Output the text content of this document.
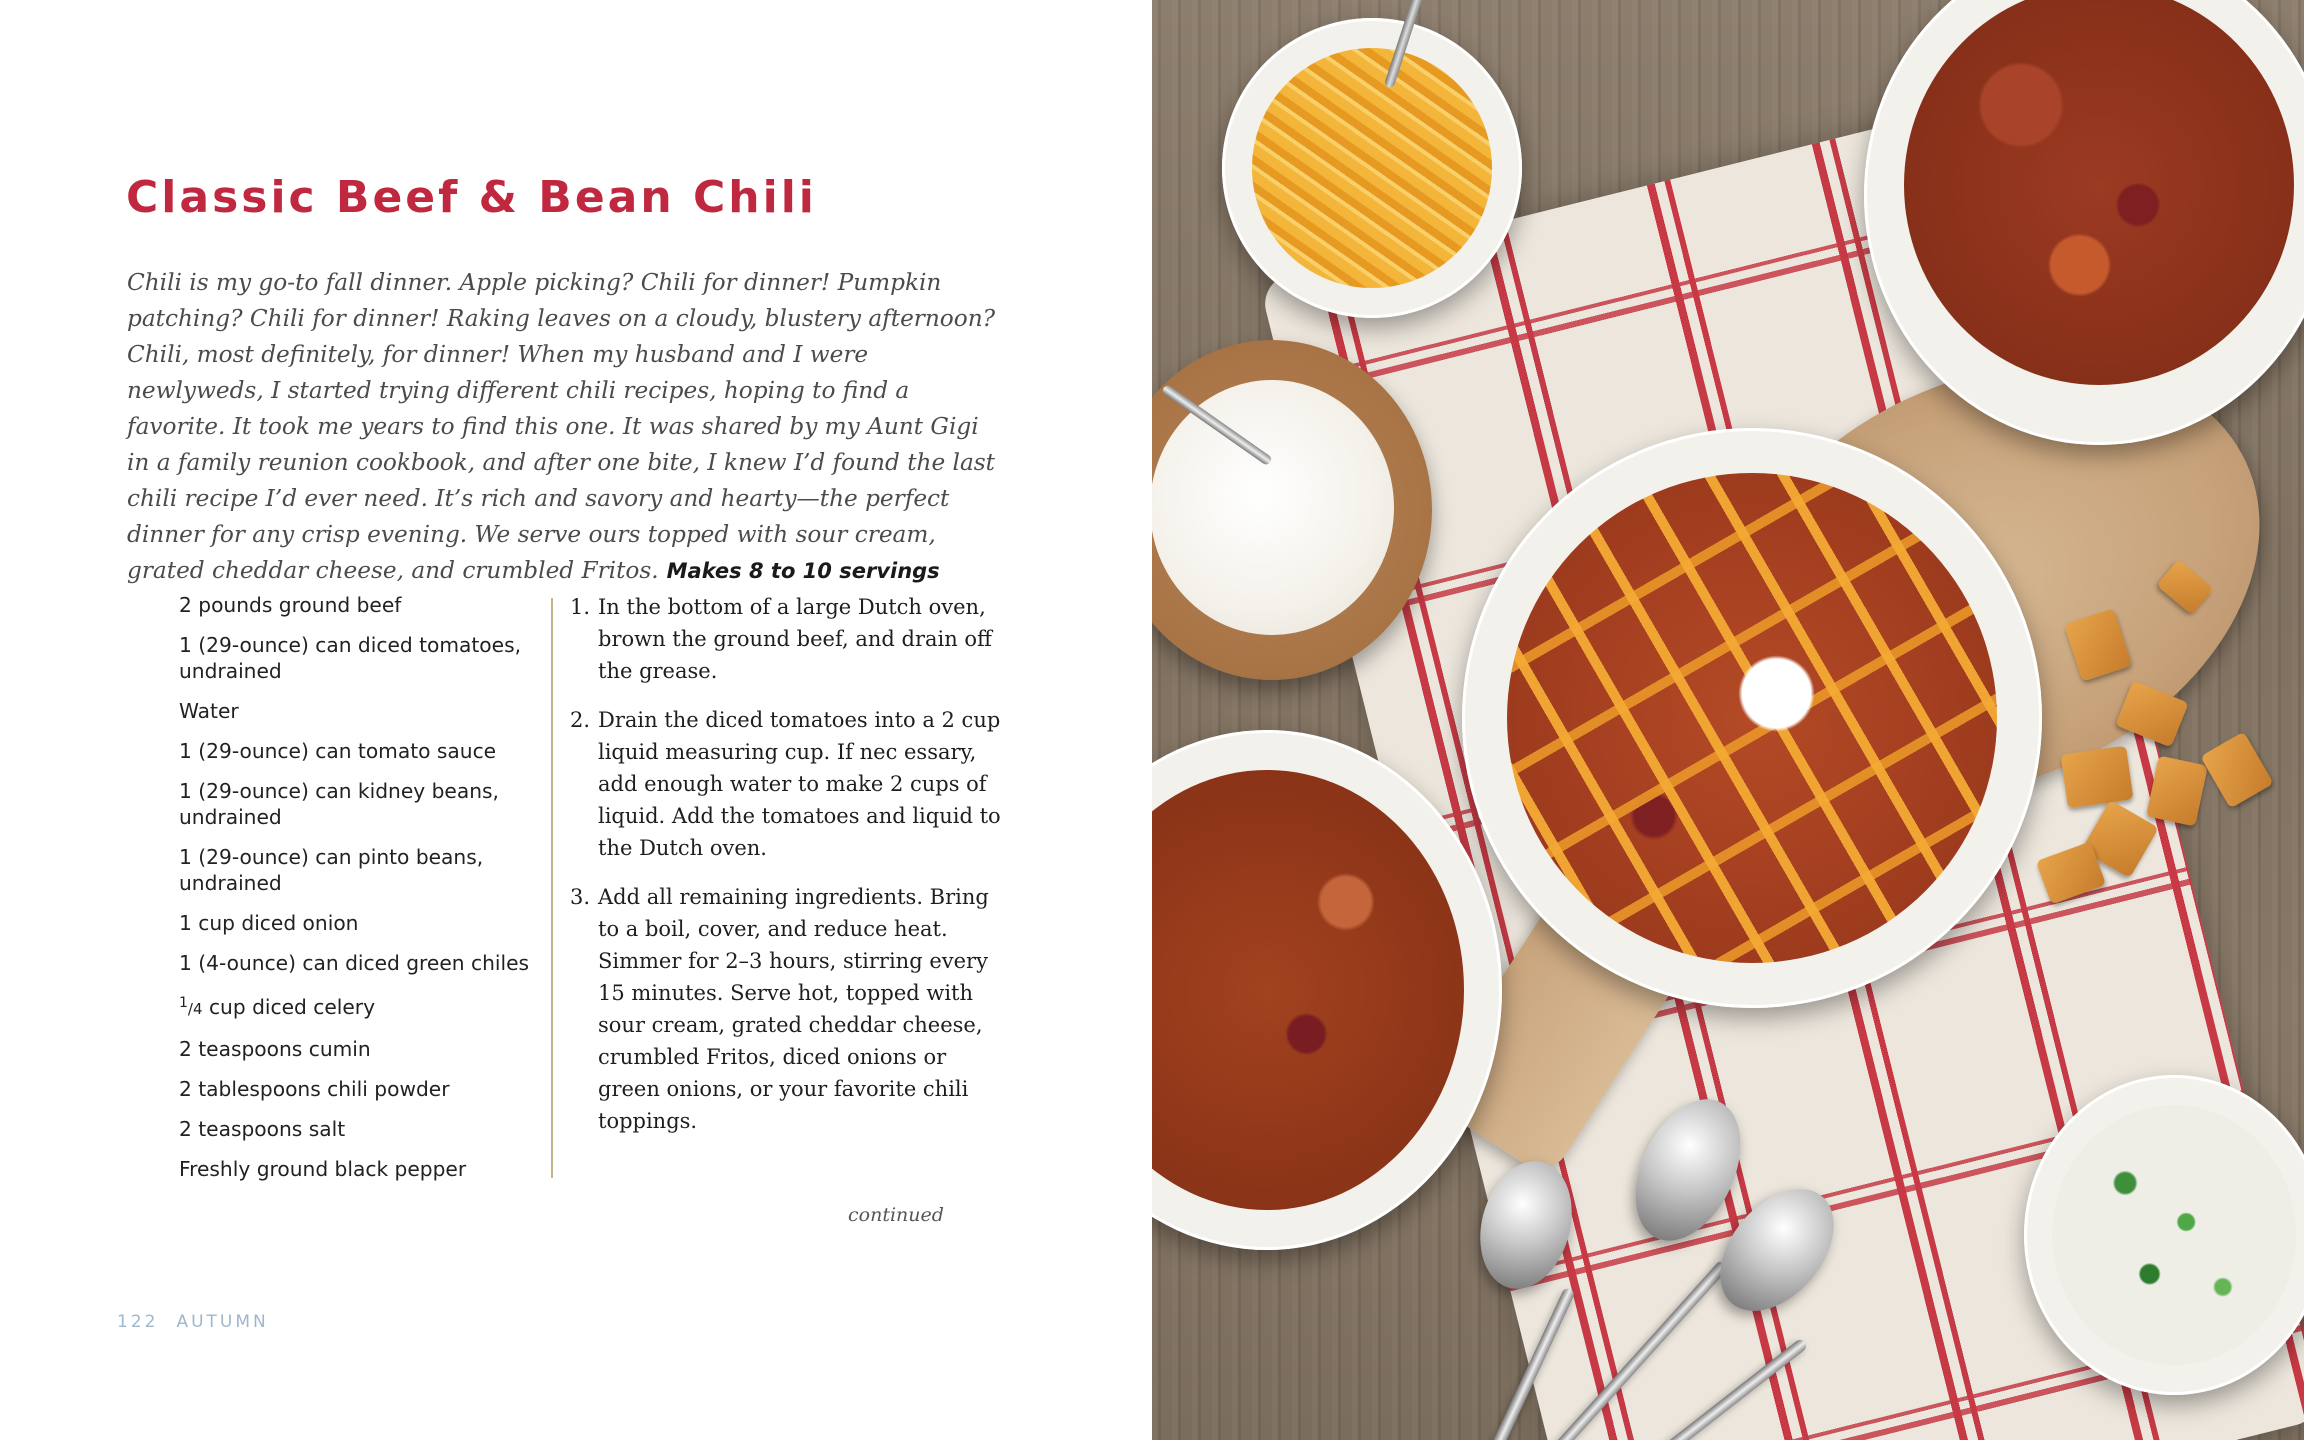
Classic Beef & Bean Chili

Chili is my go-to fall dinner. Apple picking? Chili for dinner! Pumpkin patching? Chili for dinner! Raking leaves on a cloudy, blustery afternoon? Chili, most definitely, for dinner! When my husband and I were newlyweds, I started trying different chili recipes, hoping to find a favorite. It took me years to find this one. It was shared by my Aunt Gigi in a family reunion cookbook, and after one bite, I knew I’d found the last chili recipe I’d ever need. It’s rich and savory and hearty—the perfect dinner for any crisp evening. We serve ours topped with sour cream, grated cheddar cheese, and crumbled Fritos. Makes 8 to 10 servings

2 pounds ground beef
1 (29-ounce) can diced tomatoes, undrained
Water
1 (29-ounce) can tomato sauce
1 (29-ounce) can kidney beans, undrained
1 (29-ounce) can pinto beans, undrained
1 cup diced onion
1 (4-ounce) can diced green chiles
$^1$/4 cup diced celery
2 teaspoons cumin
2 tablespoons chili powder
2 teaspoons salt
Freshly ground black pepper
1. In the bottom of a large Dutch oven, brown the ground beef, and drain off the grease.
2. Drain the diced tomatoes into a 2 cup liquid measuring cup. If nec essary, add enough water to make 2 cups of liquid. Add the tomatoes and liquid to the Dutch oven.
3. Add all remaining ingredients. Bring to a boil, cover, and reduce heat. Simmer for 2–3 hours, stirring every 15 minutes. Serve hot, topped with sour cream, grated cheddar cheese, crumbled Fritos, diced onions or green onions, or your favorite chili toppings.
continued
122 AUTUMN
